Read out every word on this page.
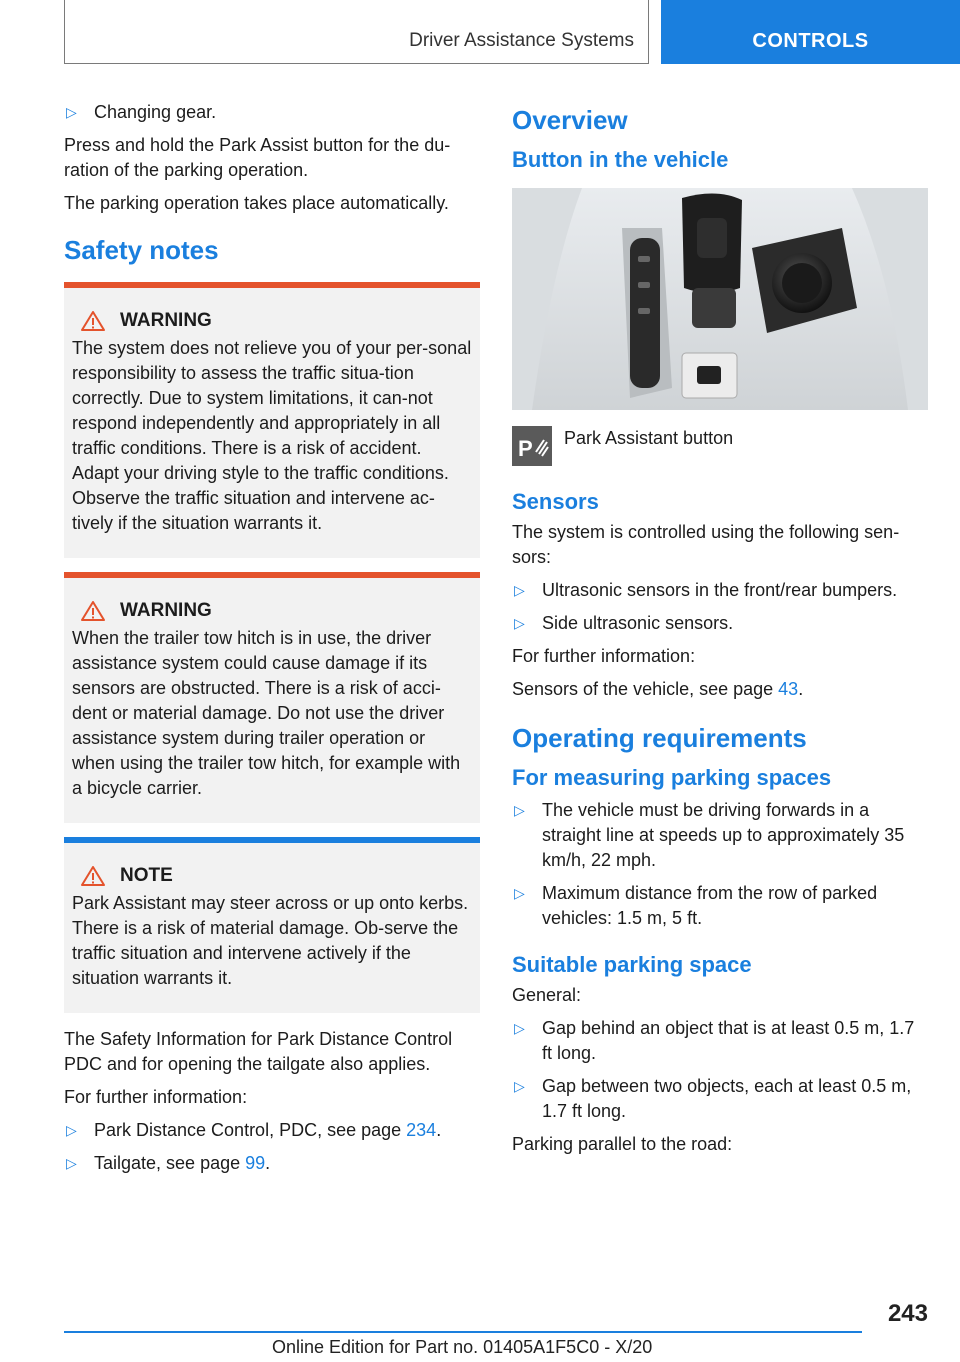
Driver Assistance Systems	CONTROLS
▷ Changing gear.

Press and hold the Park Assist button for the du-ration of the parking operation.

The parking operation takes place automatically.

Safety notes
WARNING

The system does not relieve you of your per-sonal responsibility to assess the traffic situa-tion correctly. Due to system limitations, it can-not respond independently and appropriately in all traffic conditions. There is a risk of accident. Adapt your driving style to the traffic conditions. Observe the traffic situation and intervene ac-tively if the situation warrants it.

WARNING

When the trailer tow hitch is in use, the driver assistance system could cause damage if its sensors are obstructed. There is a risk of acci-dent or material damage. Do not use the driver assistance system during trailer operation or when using the trailer tow hitch, for example with a bicycle carrier.

NOTE

Park Assistant may steer across or up onto kerbs. There is a risk of material damage. Ob-serve the traffic situation and intervene actively if the situation warrants it.

The Safety Information for Park Distance Control PDC and for opening the tailgate also applies.

For further information:

▷ Park Distance Control, PDC, see page 234.
▷ Tailgate, see page 99.
Overview
Button in the vehicle
P Park Assistant button
Sensors

The system is controlled using the following sen-sors:

▷ Ultrasonic sensors in the front/rear bumpers.
▷ Side ultrasonic sensors.

For further information:

Sensors of the vehicle, see page 43.

Operating requirements
For measuring parking spaces
▷ The vehicle must be driving forwards in a straight line at speeds up to approximately 35 km/h, 22 mph.
▷ Maximum distance from the row of parked vehicles: 1.5 m, 5 ft.
Suitable parking space

General:

▷ Gap behind an object that is at least 0.5 m, 1.7 ft long.
▷ Gap between two objects, each at least 0.5 m, 1.7 ft long.

Parking parallel to the road:

243
Online Edition for Part no. 01405A1F5C0 - X/20
